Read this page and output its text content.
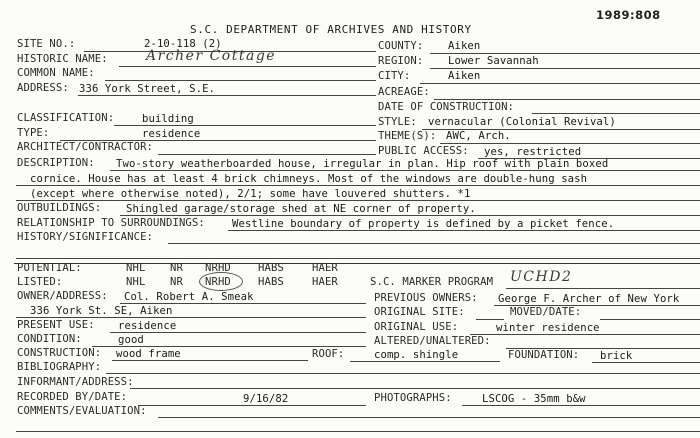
1989:808
S.C. DEPARTMENT OF ARCHIVES AND HISTORY
SITE NO.:	2-10-118 (2)	COUNTY: Aiken
HISTORIC NAME:	Archer Cottage	REGION: Lower Savannah
COMMON NAME:	CITY:	Aiken
ADDRESS: 336 York Street, S.E.	ACREAGE:
DATE OF CONSTRUCTION:
CLASSIFICATION:	building	STYLE: vernacular (Colonial Revival)
TYPE:	residence	THEME(S): AWC, Arch.
ARCHITECT/CONTRACTOR:	PUBLIC ACCESS: yes, restricted
DESCRIPTION: Two-story weatherboarded house, irregular in plan. Hip roof with plain boxed
cornice. House has at least 4 brick chimneys. Most of the windows are double-hung sash
(except where otherwise noted), 2/1; some have louvered shutters. *1
OUTBUILDINGS: Shingled garage/storage shed at NE corner of property.
RELATIONSHIP TO SURROUNDINGS:	Westline boundary of property is defined by a picket fence.
HISTORY/SIGNIFICANCE:
POTENTIAL:	NHL NR NRHD	HABS	HAER
LISTED:	NHL NR NRHD	HABS	HAER	S.C. MARKER PROGRAM UCHD2
OWNER/ADDRESS: Col. Robert A. Smeak	PREVIOUS OWNERS: George F. Archer of New York
336 York St. SE, Aiken	ORIGINAL SITE:	MOVED/DATE:
PRESENT USE: residence	ORIGINAL USE:	winter residence
CONDITION:	good	ALTERED/UNALTERED:
CONSTRUCTION: wood frame	ROOF:	comp. shingle	FOUNDATION: brick
BIBLIOGRAPHY:
INFORMANT/ADDRESS:
RECORDED BY/DATE:	9/16/82	PHOTOGRAPHS:	LSCOG - 35mm b&w
COMMENTS/EVALUATION:
